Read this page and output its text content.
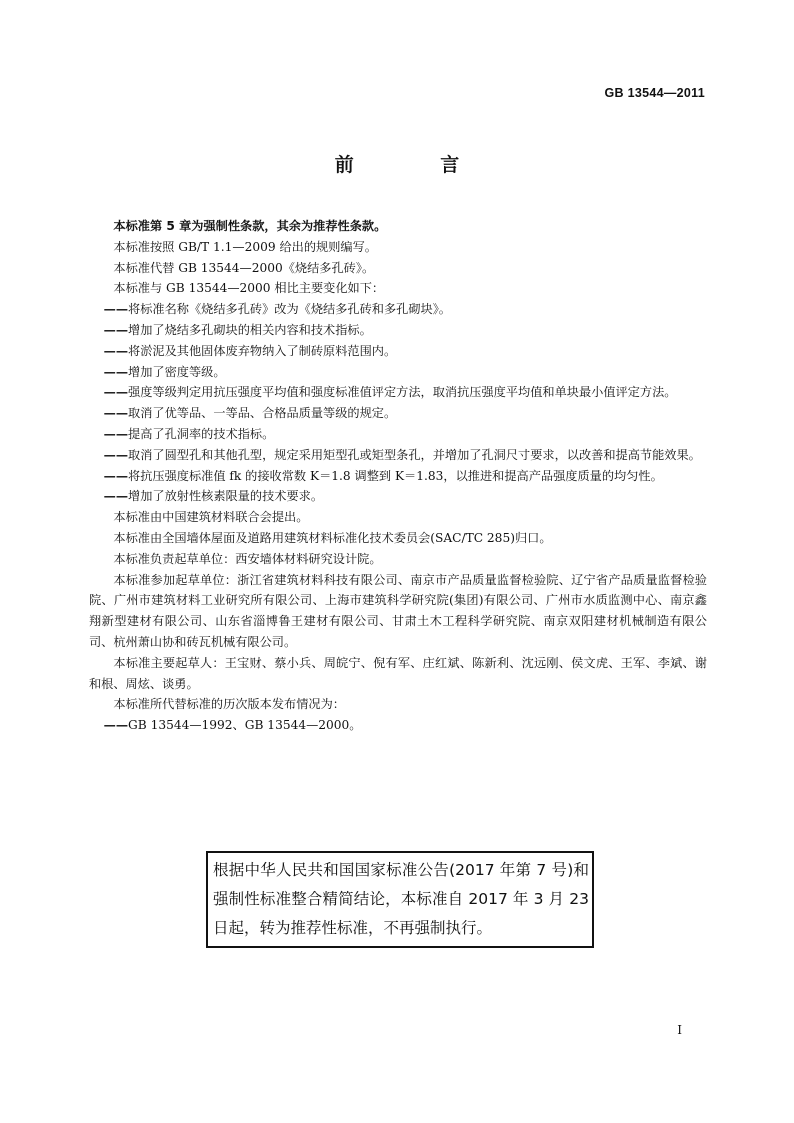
GB 13544—2011
前 言

本标准第 5 章为强制性条款，其余为推荐性条款。

本标准按照 GB/T 1.1—2009 给出的规则编写。

本标准代替 GB 13544—2000《烧结多孔砖》。

本标准与 GB 13544—2000 相比主要变化如下：

——将标准名称《烧结多孔砖》改为《烧结多孔砖和多孔砌块》。

——增加了烧结多孔砌块的相关内容和技术指标。

——将淤泥及其他固体废弃物纳入了制砖原料范围内。

——增加了密度等级。

——强度等级判定用抗压强度平均值和强度标准值评定方法，取消抗压强度平均值和单块最小值评定方法。

——取消了优等品、一等品、合格品质量等级的规定。

——提高了孔洞率的技术指标。

——取消了圆型孔和其他孔型，规定采用矩型孔或矩型条孔，并增加了孔洞尺寸要求，以改善和提高节能效果。

——将抗压强度标准值 fk 的接收常数 K＝1.8 调整到 K＝1.83，以推进和提高产品强度质量的均匀性。

——增加了放射性核素限量的技术要求。

本标准由中国建筑材料联合会提出。

本标准由全国墙体屋面及道路用建筑材料标准化技术委员会(SAC/TC 285)归口。

本标准负责起草单位：西安墙体材料研究设计院。

本标准参加起草单位：浙江省建筑材料科技有限公司、南京市产品质量监督检验院、辽宁省产品质量监督检验院、广州市建筑材料工业研究所有限公司、上海市建筑科学研究院(集团)有限公司、广州市水质监测中心、南京鑫翔新型建材有限公司、山东省淄博鲁王建材有限公司、甘肃土木工程科学研究院、南京双阳建材机械制造有限公司、杭州萧山协和砖瓦机械有限公司。

本标准主要起草人：王宝财、蔡小兵、周皖宁、倪有军、庄红斌、陈新利、沈远刚、侯文虎、王军、李斌、谢和根、周炫、谈勇。

本标准所代替标准的历次版本发布情况为：

——GB 13544—1992、GB 13544—2000。

根据中华人民共和国国家标准公告(2017 年第 7 号)和强制性标准整合精简结论，本标准自 2017 年 3 月 23 日起，转为推荐性标准，不再强制执行。
I
